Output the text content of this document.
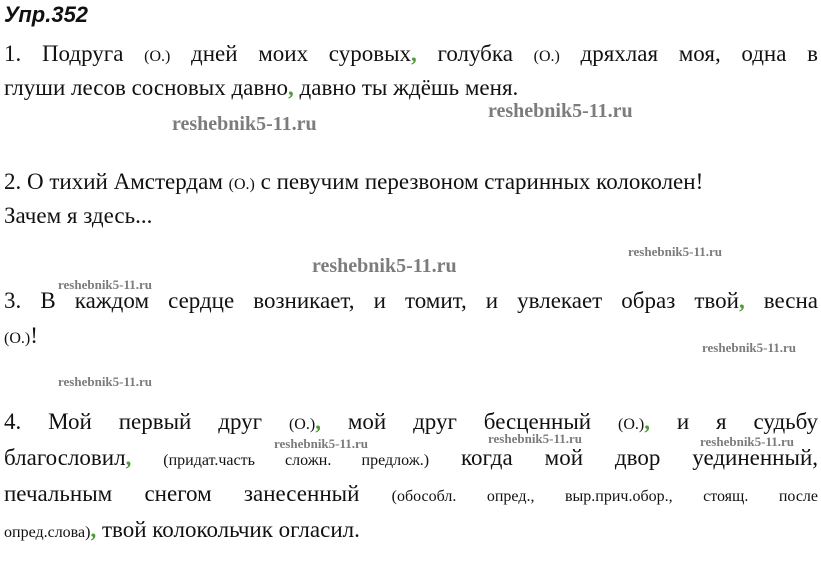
Упр.352
1. Подруга (О.) дней моих суровых, голубка (О.) дряхлая моя, одна в
глуши лесов сосновых давно, давно ты ждёшь меня.
2. О тихий Амстердам (О.) с певучим перезвоном старинных колоколен!
Зачем я здесь...
3. В каждом сердце возникает, и томит, и увлекает образ твой, весна
(О.)!
4. Мой первый друг (О.), мой друг бесценный (О.), и я судьбу
благословил, (придат.часть сложн. предлож.) когда мой двор уединенный,
печальным снегом занесенный (обособл. опред., выр.прич.обор., стоящ. после
опред.слова), твой колокольчик огласил.
reshebnik5-11.ru
reshebnik5-11.ru
reshebnik5-11.ru
reshebnik5-11.ru
reshebnik5-11.ru
reshebnik5-11.ru
reshebnik5-11.ru
reshebnik5-11.ru	reshebnik5-11.ru	reshebnik5-11.ru
